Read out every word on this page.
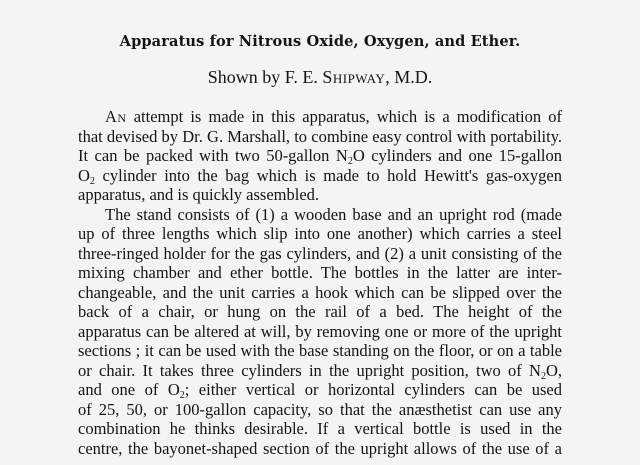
Apparatus for Nitrous Oxide, Oxygen, and Ether.
Shown by F. E. Shipway, M.D.
An attempt is made in this apparatus, which is a modification of
that devised by Dr. G. Marshall, to combine easy control with portability.
It can be packed with two 50-gallon $N_2O$ cylinders and one 15-gallon
$O_2$ cylinder into the bag which is made to hold Hewitt's gas-oxygen
apparatus, and is quickly assembled.
The stand consists of (1) a wooden base and an upright rod (made
up of three lengths which slip into one another) which carries a steel
three-ringed holder for the gas cylinders, and (2) a unit consisting of the
mixing chamber and ether bottle. The bottles in the latter are inter-
changeable, and the unit carries a hook which can be slipped over the
back of a chair, or hung on the rail of a bed. The height of the
apparatus can be altered at will, by removing one or more of the upright
sections ; it can be used with the base standing on the floor, or on a table
or chair. It takes three cylinders in the upright position, two of $N_2O$,
and one of $O_2$; either vertical or horizontal cylinders can be used
of 25, 50, or 100-gallon capacity, so that the anæsthetist can use any
combination he thinks desirable. If a vertical bottle is used in the
centre, the bayonet-shaped section of the upright allows of the use of a
